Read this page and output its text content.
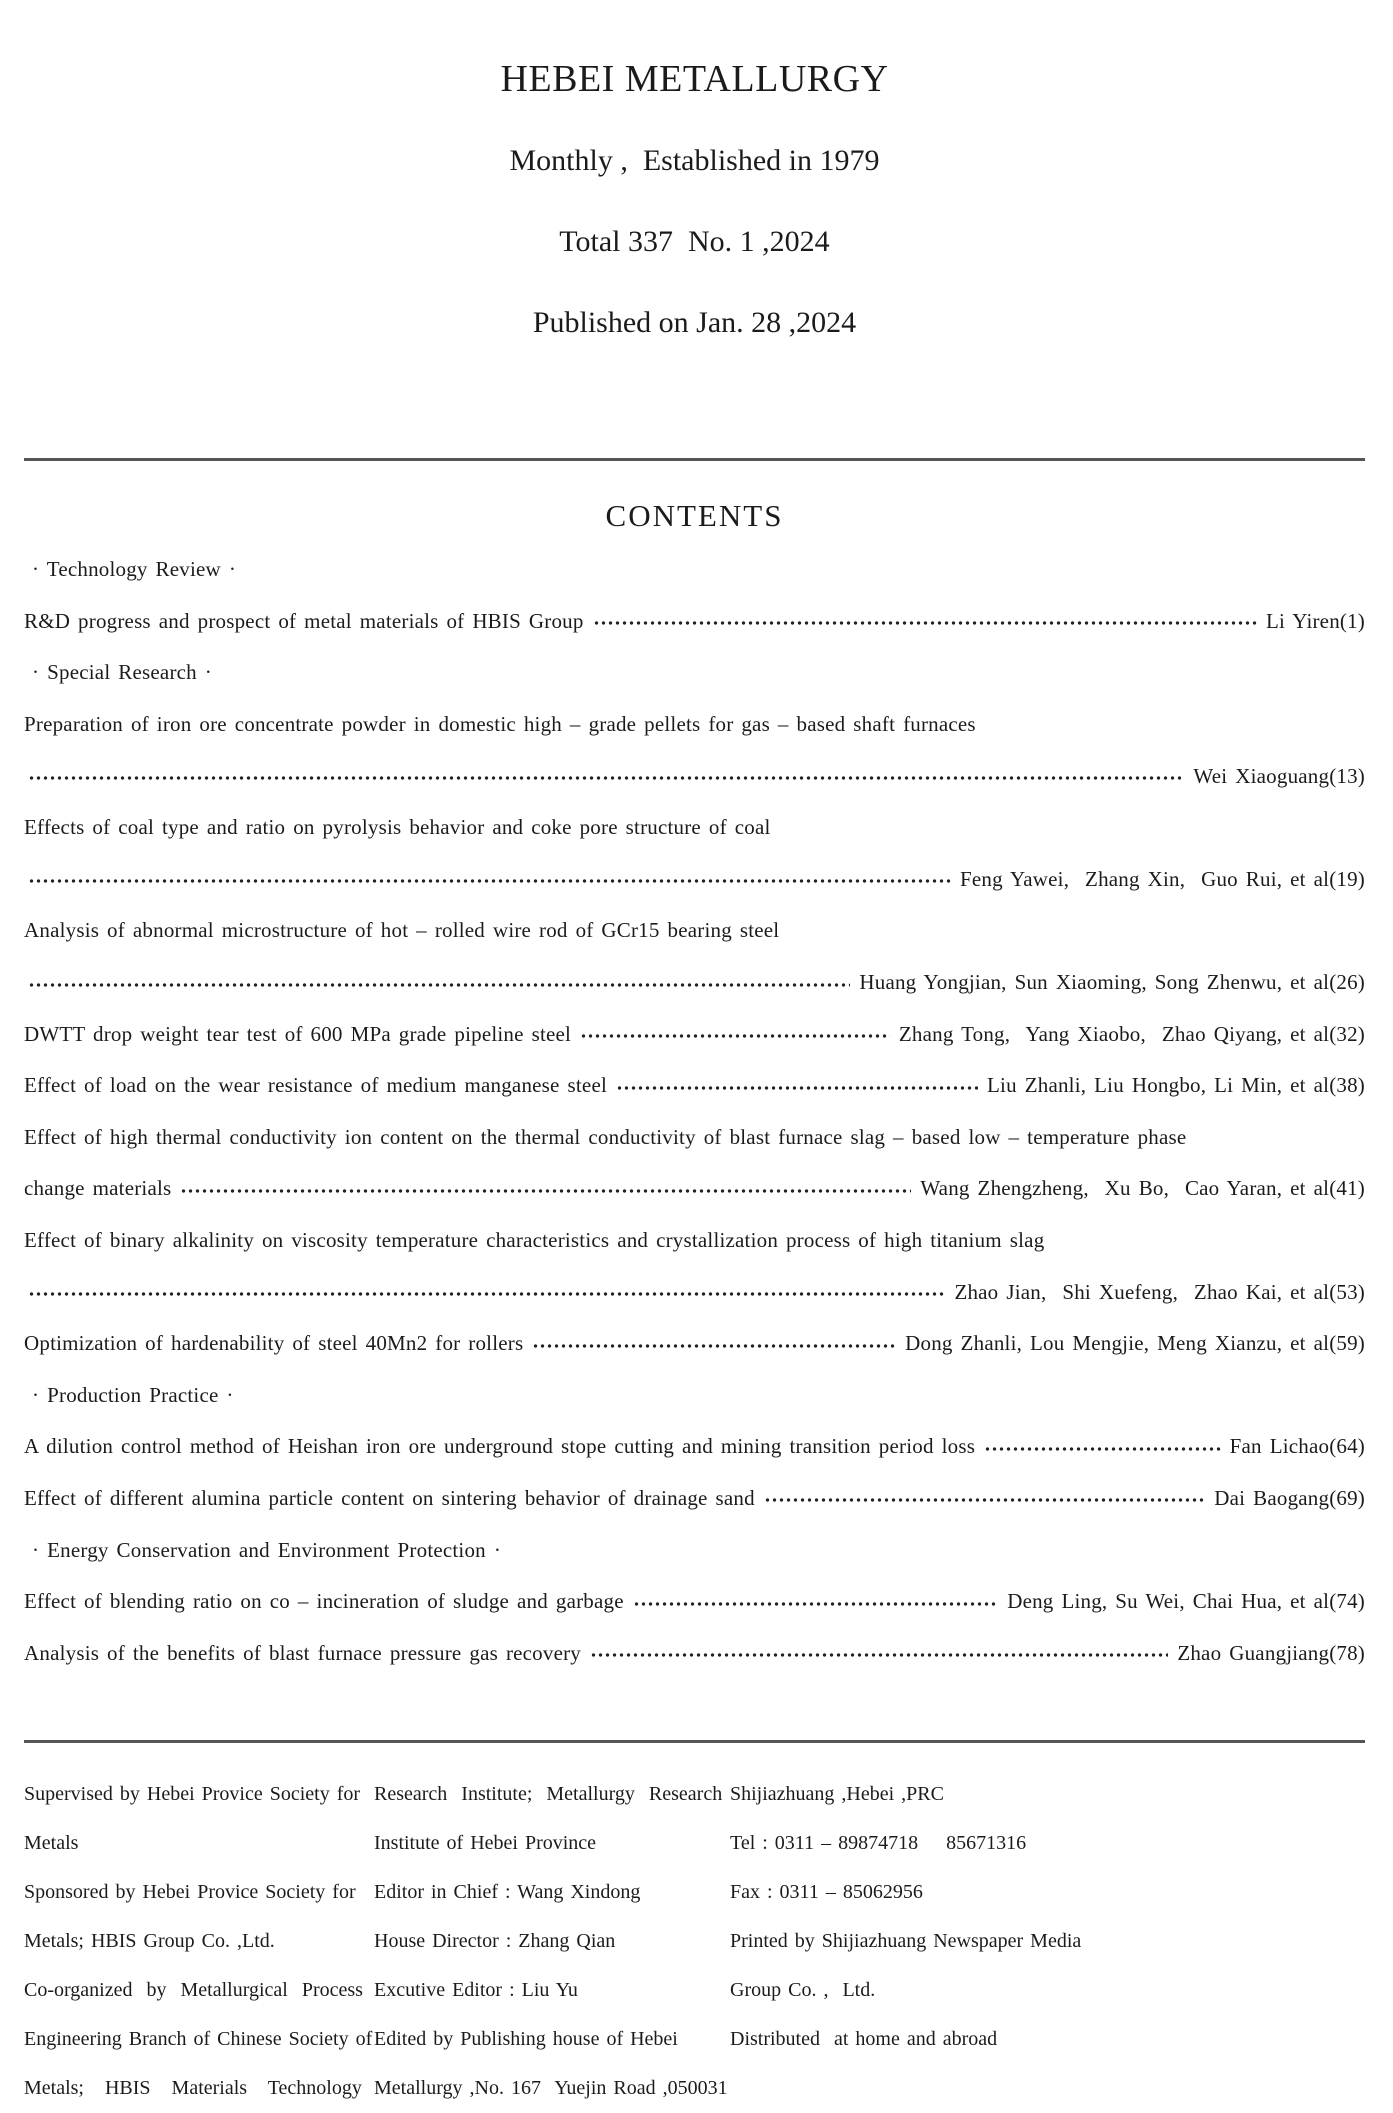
HEBEI METALLURGY

Monthly ,  Established in 1979

Total 337  No. 1 ,2024

Published on Jan. 28 ,2024

CONTENTS
· Technology Review ·
R&D progress and prospect of metal materials of HBIS Group	Li Yiren(1)
· Special Research ·
Preparation of iron ore concentrate powder in domestic high – grade pellets for gas – based shaft furnaces
Wei Xiaoguang(13)
Effects of coal type and ratio on pyrolysis behavior and coke pore structure of coal
Feng Yawei,  Zhang Xin,  Guo Rui, et al(19)
Analysis of abnormal microstructure of hot – rolled wire rod of GCr15 bearing steel
Huang Yongjian, Sun Xiaoming, Song Zhenwu, et al(26)
DWTT drop weight tear test of 600 MPa grade pipeline steel	Zhang Tong,  Yang Xiaobo,  Zhao Qiyang, et al(32)
Effect of load on the wear resistance of medium manganese steel	Liu Zhanli, Liu Hongbo, Li Min, et al(38)
Effect of high thermal conductivity ion content on the thermal conductivity of blast furnace slag – based low – temperature phase
change materials	Wang Zhengzheng,  Xu Bo,  Cao Yaran, et al(41)
Effect of binary alkalinity on viscosity temperature characteristics and crystallization process of high titanium slag
Zhao Jian,  Shi Xuefeng,  Zhao Kai, et al(53)
Optimization of hardenability of steel 40Mn2 for rollers	Dong Zhanli, Lou Mengjie, Meng Xianzu, et al(59)
· Production Practice ·
A dilution control method of Heishan iron ore underground stope cutting and mining transition period loss	Fan Lichao(64)
Effect of different alumina particle content on sintering behavior of drainage sand	Dai Baogang(69)
· Energy Conservation and Environment Protection ·
Effect of blending ratio on co – incineration of sludge and garbage	Deng Ling, Su Wei, Chai Hua, et al(74)
Analysis of the benefits of blast furnace pressure gas recovery	Zhao Guangjiang(78)
Supervised by Hebei Provice Society for
Metals
Sponsored by Hebei Provice Society for
Metals; HBIS Group Co. ,Ltd.
Co-organized  by  Metallurgical  Process
Engineering Branch of Chinese Society of
Metals;   HBIS   Materials   Technology
Research  Institute;  Metallurgy  Research
Institute of Hebei Province
Editor in Chief : Wang Xindong
House Director : Zhang Qian
Excutive Editor : Liu Yu
Edited by Publishing house of Hebei
Metallurgy ,No. 167  Yuejin Road ,050031
Shijiazhuang ,Hebei ,PRC
Tel : 0311 – 89874718    85671316
Fax : 0311 – 85062956
Printed by Shijiazhuang Newspaper Media
Group Co. ,  Ltd.
Distributed  at home and abroad
